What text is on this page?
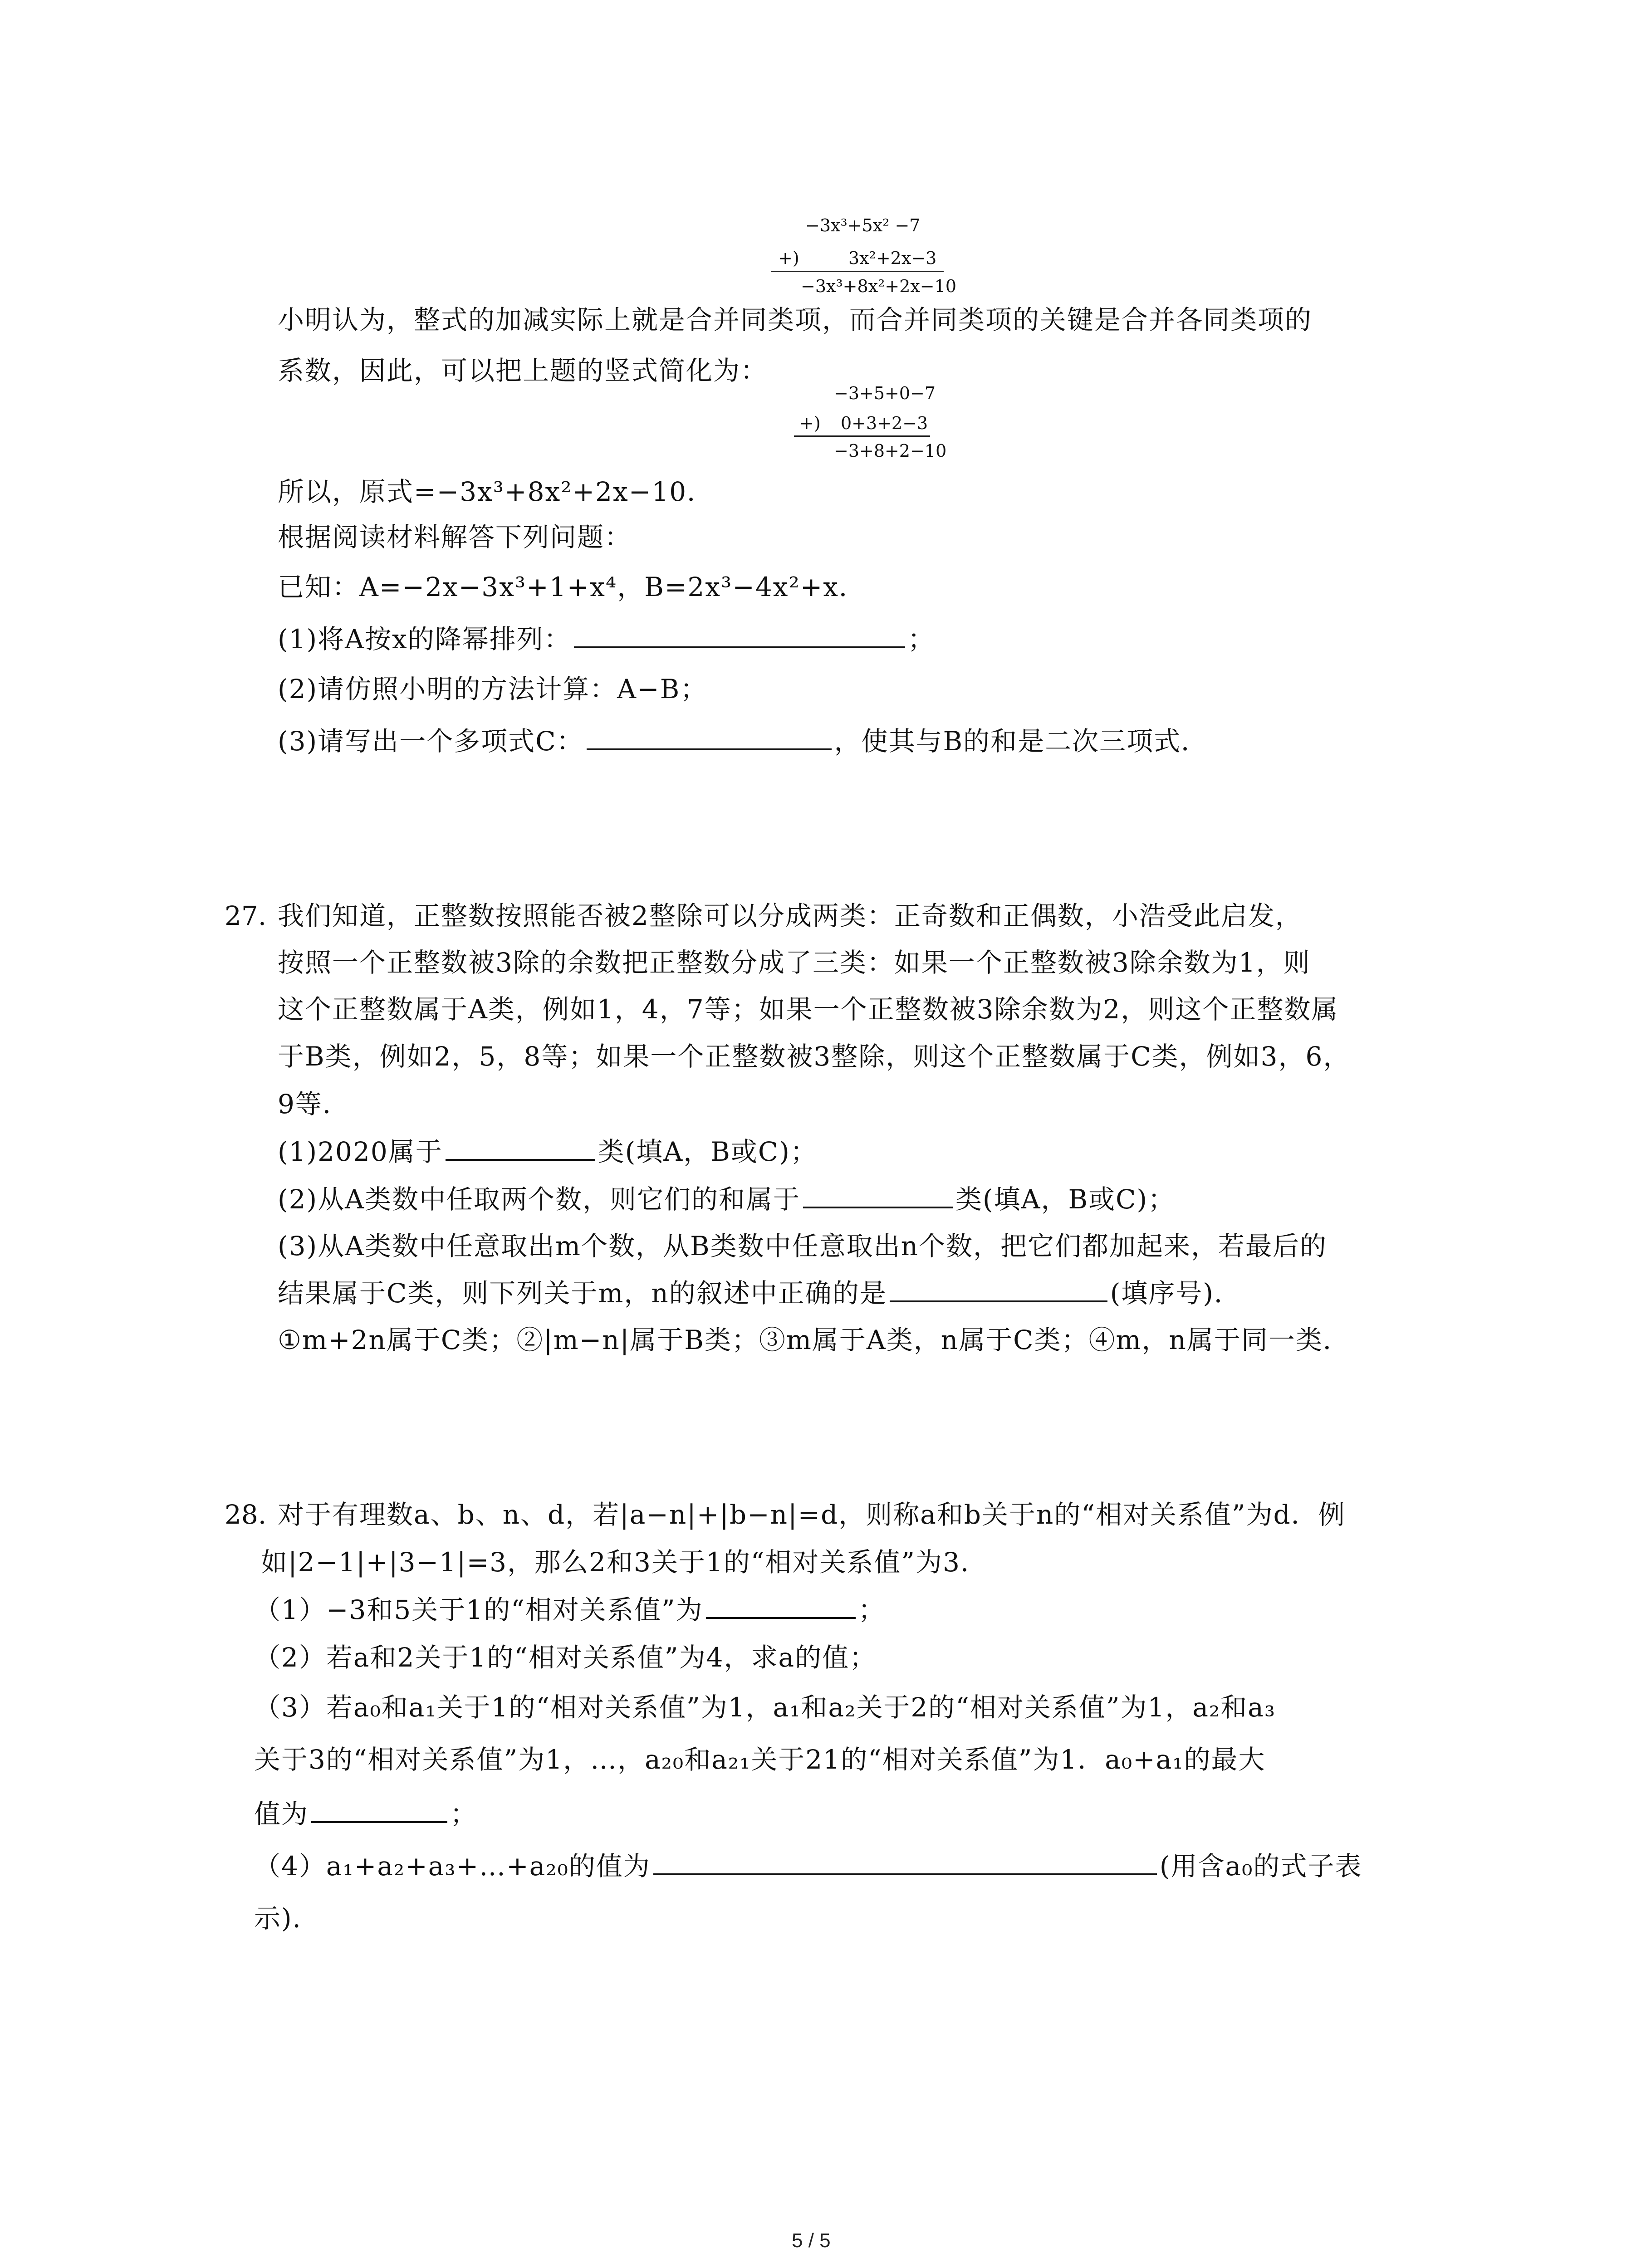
−3x³+5x² −7
+)	3x²+2x−3
−3x³+8x²+2x−10
小明认为，整式的加减实际上就是合并同类项，而合并同类项的关键是合并各同类项的
系数，因此，可以把上题的竖式简化为：
−3+5+0−7
+) 0+3+2−3
−3+8+2−10
所以，原式=−3x³+8x²+2x−10．
根据阅读材料解答下列问题：
已知：A=−2x−3x³+1+x⁴，B=2x³−4x²+x．
(1)将A按x的降幂排列：	；
(2)请仿照小明的方法计算：A−B；
(3)请写出一个多项式C：	，使其与B的和是二次三项式．
27. 我们知道，正整数按照能否被2整除可以分成两类：正奇数和正偶数，小浩受此启发，
按照一个正整数被3除的余数把正整数分成了三类：如果一个正整数被3除余数为1，则
这个正整数属于A类，例如1，4，7等；如果一个正整数被3除余数为2，则这个正整数属
于B类，例如2，5，8等；如果一个正整数被3整除，则这个正整数属于C类，例如3，6，
9等．
(1)2020属于	类(填A，B或C)；
(2)从A类数中任取两个数，则它们的和属于	类(填A，B或C)；
(3)从A类数中任意取出m个数，从B类数中任意取出n个数，把它们都加起来，若最后的
结果属于C类，则下列关于m，n的叙述中正确的是	(填序号)．
①m+2n属于C类；②|m−n|属于B类；③m属于A类，n属于C类；④m，n属于同一类．
28. 对于有理数a、b、n、d，若|a−n|+|b−n|=d，则称a和b关于n的“相对关系值”为d．例
如|2−1|+|3−1|=3，那么2和3关于1的“相对关系值”为3．
（1）−3和5关于1的“相对关系值”为	；
（2）若a和2关于1的“相对关系值”为4，求a的值；
（3）若a₀和a₁关于1的“相对关系值”为1，a₁和a₂关于2的“相对关系值”为1，a₂和a₃
关于3的“相对关系值”为1，…，a₂₀和a₂₁关于21的“相对关系值”为1．a₀+a₁的最大
值为	；
（4）a₁+a₂+a₃+…+a₂₀的值为	(用含a₀的式子表
示)．
5 / 5
